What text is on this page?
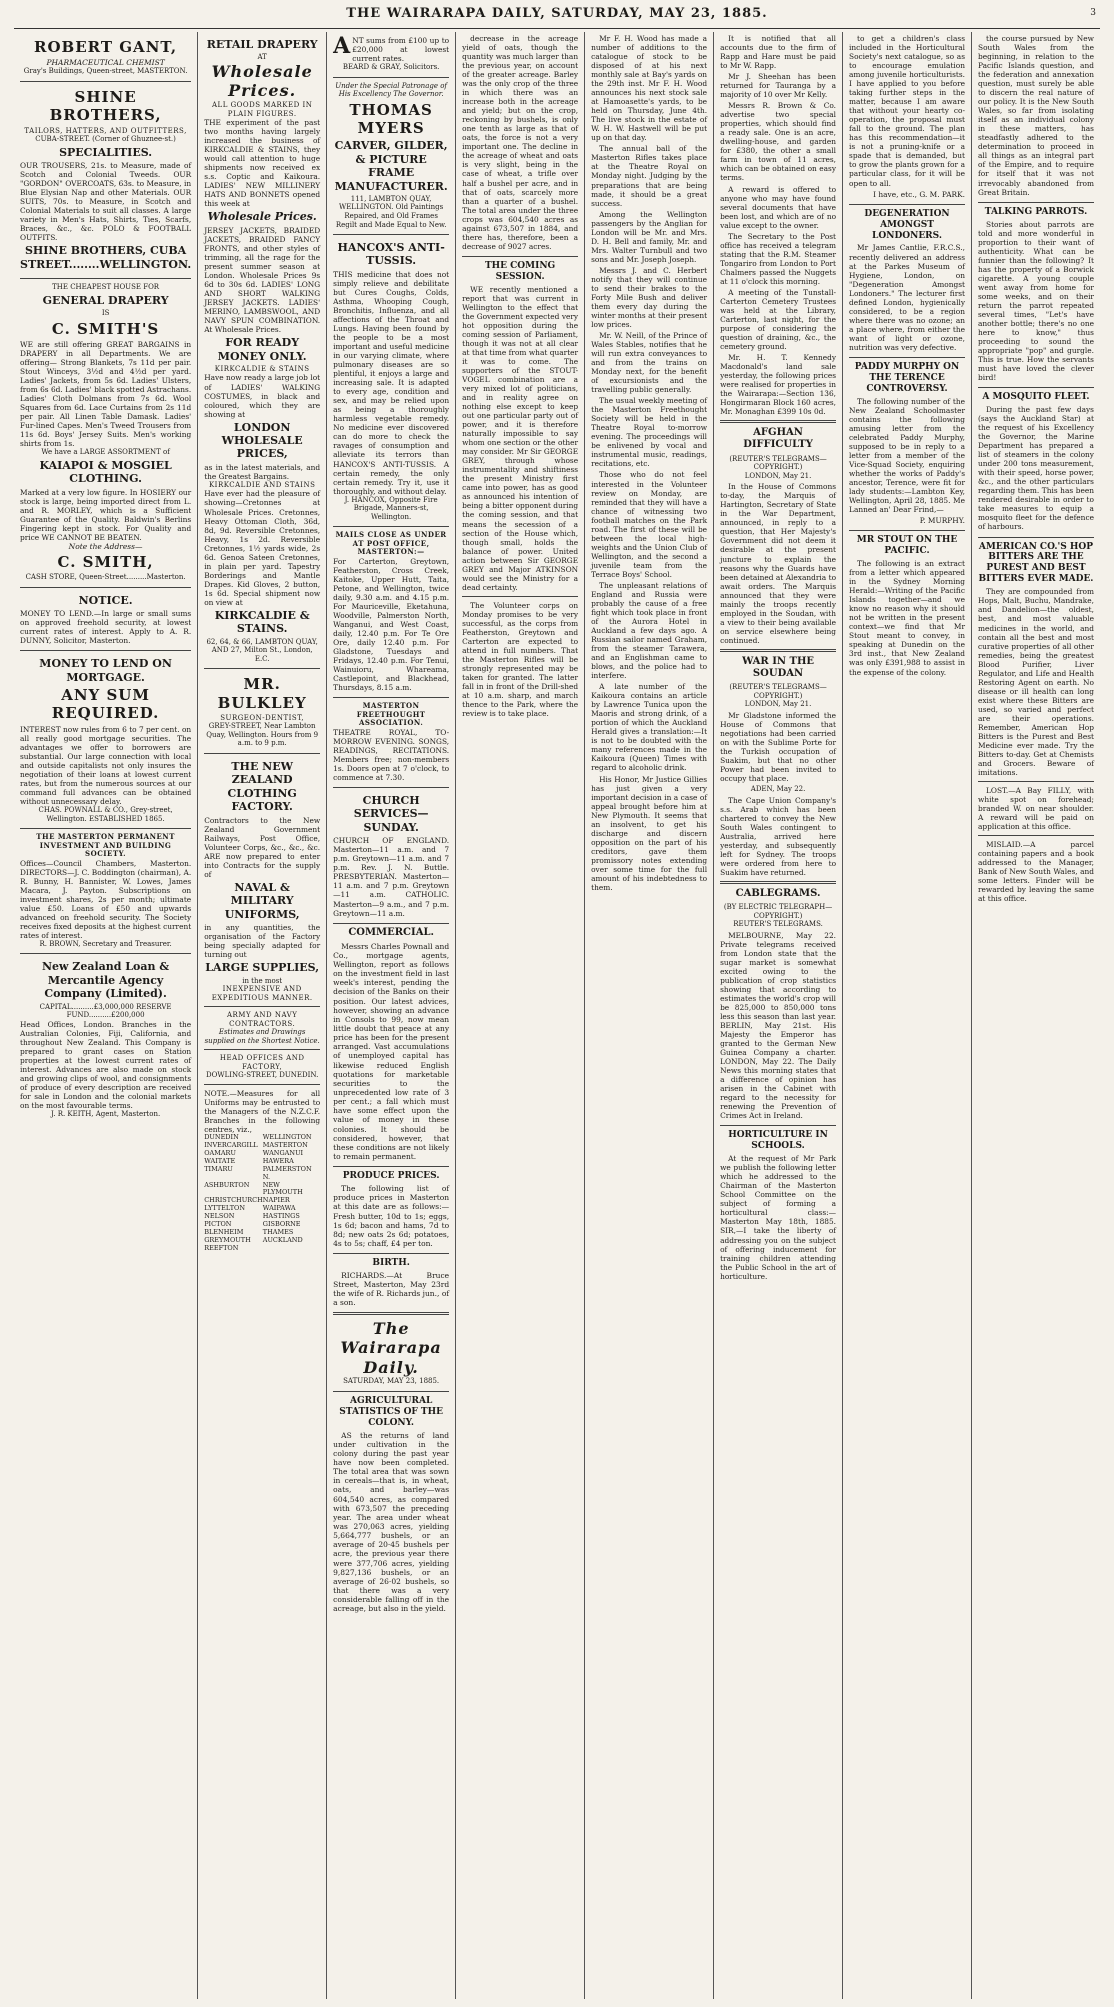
THE WAIRARAPA DAILY, SATURDAY, MAY 23, 1885.	3
ROBERT GANT,
PHARMACEUTICAL CHEMIST
Gray's Buildings, Queen-street, MASTERTON.
SHINE BROTHERS,
TAILORS, HATTERS, AND OUTFITTERS,
CUBA-STREET. (Corner of Ghuznee-st.)
SPECIALITIES.
OUR TROUSERS, 21s. to Measure, made of Scotch and Colonial Tweeds. OUR "GORDON" OVERCOATS, 63s. to Measure, in Blue Elysian Nap and other Materials. OUR SUITS, 70s. to Measure, in Scotch and Colonial Materials to suit all classes. A large variety in Men's Hats, Shirts, Ties, Scarfs, Braces, &c., &c. POLO & FOOTBALL OUTFITS.
SHINE BROTHERS, CUBA STREET........WELLINGTON.
THE CHEAPEST HOUSE FOR
GENERAL DRAPERY
IS
C. SMITH'S
WE are still offering GREAT BARGAINS in DRAPERY in all Departments. We are offering— Strong Blankets, 7s 11d per pair. Stout Winceys, 3½d and 4½d per yard. Ladies' Jackets, from 5s 6d. Ladies' Ulsters, from 6s 6d. Ladies' black spotted Astrachans. Ladies' Cloth Dolmans from 7s 6d. Wool Squares from 6d. Lace Curtains from 2s 11d per pair. All Linen Table Damask. Ladies' Fur-lined Capes. Men's Tweed Trousers from 11s 6d. Boys' Jersey Suits. Men's working shirts from 1s.
We have a LARGE ASSORTMENT of
KAIAPOI & MOSGIEL CLOTHING.
Marked at a very low figure. In HOSIERY our stock is large, being imported direct from L. and R. MORLEY, which is a Sufficient Guarantee of the Quality. Baldwin's Berlins Fingering kept in stock. For Quality and price WE CANNOT BE BEATEN.
Note the Address—
C. SMITH,
CASH STORE, Queen-Street.........Masterton.
NOTICE.
MONEY TO LEND.—In large or small sums on approved freehold security, at lowest current rates of interest. Apply to A. R. DUNNY, Solicitor, Masterton.
MONEY TO LEND ON MORTGAGE.
ANY SUM REQUIRED.
INTEREST now rules from 6 to 7 per cent. on all really good mortgage securities. The advantages we offer to borrowers are substantial. Our large connection with local and outside capitalists not only insures the negotiation of their loans at lowest current rates, but from the numerous sources at our command full advances can be obtained without unnecessary delay.
CHAS. POWNALL & CO., Grey-street, Wellington. ESTABLISHED 1865.
THE MASTERTON PERMANENT INVESTMENT AND BUILDING SOCIETY.
Offices—Council Chambers, Masterton. DIRECTORS—J. C. Boddington (chairman), A. R. Bunny, H. Bannister, W. Lowes, James Macara, J. Payton. Subscriptions on investment shares, 2s per month; ultimate value £50. Loans of £50 and upwards advanced on freehold security. The Society receives fixed deposits at the highest current rates of interest.
R. BROWN, Secretary and Treasurer.
New Zealand Loan & Mercantile Agency Company (Limited).
CAPITAL..........£3,000,000 RESERVE FUND..........£200,000
Head Offices, London. Branches in the Australian Colonies, Fiji, California, and throughout New Zealand. This Company is prepared to grant cases on Station properties at the lowest current rates of interest. Advances are also made on stock and growing clips of wool, and consignments of produce of every description are received for sale in London and the colonial markets on the most favourable terms.
J. R. KEITH, Agent, Masterton.
RETAIL DRAPERY
AT
Wholesale Prices.
ALL GOODS MARKED IN PLAIN FIGURES.
THE experiment of the past two months having largely increased the business of KIRKCALDIE & STAINS, they would call attention to huge shipments now received ex s.s. Coptic and Kaikoura. LADIES' NEW MILLINERY HATS AND BONNETS opened this week at
Wholesale Prices.
JERSEY JACKETS, BRAIDED JACKETS, BRAIDED FANCY FRONTS, and other styles of trimming, all the rage for the present summer season at London. Wholesale Prices 9s 6d to 30s 6d. LADIES' LONG AND SHORT WALKING JERSEY JACKETS. LADIES' MERINO, LAMBSWOOL, AND NAVY SPUN COMBINATION. At Wholesale Prices.
FOR READY MONEY ONLY.
KIRKCALDIE & STAINS
Have now ready a large job lot of LADIES' WALKING COSTUMES, in black and coloured, which they are showing at
LONDON WHOLESALE PRICES,
as in the latest materials, and the Greatest Bargains.
KIRKCALDIE AND STAINS
Have ever had the pleasure of showing—Cretonnes at Wholesale Prices. Cretonnes, Heavy Ottoman Cloth, 36d, 8d, 9d. Reversible Cretonnes, Heavy, 1s 2d. Reversible Cretonnes, 1½ yards wide, 2s 6d. Genoa Sateen Cretonnes, in plain per yard. Tapestry Borderings and Mantle Drapes. Kid Gloves, 2 button, 1s 6d. Special shipment now on view at
KIRKCALDIE & STAINS.
62, 64, & 66, LAMBTON QUAY, AND 27, Milton St., London, E.C.
MR. BULKLEY
SURGEON-DENTIST,
GREY-STREET, Near Lambton Quay, Wellington. Hours from 9 a.m. to 9 p.m.
THE NEW ZEALAND CLOTHING FACTORY.
Contractors to the New Zealand Government Railways, Post Office, Volunteer Corps, &c., &c., &c. ARE now prepared to enter into Contracts for the supply of
NAVAL & MILITARY UNIFORMS,
in any quantities, the organisation of the Factory being specially adapted for turning out
LARGE SUPPLIES,
in the most
INEXPENSIVE AND EXPEDITIOUS MANNER.
ARMY AND NAVY CONTRACTORS.
Estimates and Drawings supplied on the Shortest Notice.
HEAD OFFICES AND FACTORY,
DOWLING-STREET, DUNEDIN.
NOTE.—Measures for all Uniforms may be entrusted to the Managers of the N.Z.C.F. Branches in the following centres, viz.,
DUNEDIN	WELLINGTON
INVERCARGILL MASTERTON
OAMARU	WANGANUI
WAITATE	HAWERA
TIMARU	PALMERSTON N.
ASHBURTON	NEW PLYMOUTH
CHRISTCHURCH NAPIER
LYTTELTON	WAIPAWA
NELSON	HASTINGS
PICTON	GISBORNE
BLENHEIM	THAMES
GREYMOUTH	AUCKLAND
REEFTON
ANT sums from £100 up to £20,000 at lowest current rates.
BEARD & GRAY, Solicitors.
Under the Special Patronage of His Excellency The Governor.
THOMAS MYERS
CARVER, GILDER, & PICTURE FRAME MANUFACTURER.
111, LAMBTON QUAY, WELLINGTON. Old Paintings Repaired, and Old Frames Regilt and Made Equal to New.
HANCOX'S ANTI-TUSSIS.
THIS medicine that does not simply relieve and debilitate but Cures Coughs, Colds, Asthma, Whooping Cough, Bronchitis, Influenza, and all affections of the Throat and Lungs. Having been found by the people to be a most important and useful medicine in our varying climate, where pulmonary diseases are so plentiful, it enjoys a large and increasing sale. It is adapted to every age, condition and sex, and may be relied upon as being a thoroughly harmless vegetable remedy. No medicine ever discovered can do more to check the ravages of consumption and alleviate its terrors than HANCOX'S ANTI-TUSSIS. A certain remedy, the only certain remedy. Try it, use it thoroughly, and without delay.
J. HANCOX, Opposite Fire Brigade, Manners-st, Wellington.
MAILS CLOSE AS UNDER AT POST OFFICE, MASTERTON:—
For Carterton, Greytown, Featherston, Cross Creek, Kaitoke, Upper Hutt, Taita, Petone, and Wellington, twice daily, 9.30 a.m. and 4.15 p.m. For Mauriceville, Eketahuna, Woodville, Palmerston North, Wanganui, and West Coast, daily, 12.40 p.m. For Te Ore Ore, daily 12.40 p.m. For Gladstone, Tuesdays and Fridays, 12.40 p.m. For Tenui, Wainuioru, Whareama, Castlepoint, and Blackhead, Thursdays, 8.15 a.m.
MASTERTON FREETHOUGHT ASSOCIATION.
THEATRE ROYAL, TO-MORROW EVENING. SONGS, READINGS, RECITATIONS. Members free; non-members 1s. Doors open at 7 o'clock, to commence at 7.30.
CHURCH SERVICES—SUNDAY.
CHURCH OF ENGLAND. Masterton—11 a.m. and 7 p.m. Greytown—11 a.m. and 7 p.m. Rev. J. N. Buttle. PRESBYTERIAN. Masterton—11 a.m. and 7 p.m. Greytown—11 a.m. CATHOLIC. Masterton—9 a.m., and 7 p.m. Greytown—11 a.m.
COMMERCIAL.
Messrs Charles Pownall and Co., mortgage agents, Wellington, report as follows on the investment field in last week's interest, pending the decision of the Banks on their position. Our latest advices, however, showing an advance in Consols to 99, now mean little doubt that peace at any price has been for the present arranged. Vast accumulations of unemployed capital has likewise reduced English quotations for marketable securities to the unprecedented low rate of 3 per cent.; a fall which must have some effect upon the value of money in these colonies. It should be considered, however, that these conditions are not likely to remain permanent.
PRODUCE PRICES.
The following list of produce prices in Masterton at this date are as follows:—Fresh butter, 10d to 1s; eggs, 1s 6d; bacon and hams, 7d to 8d; new oats 2s 6d; potatoes, 4s to 5s; chaff, £4 per ton.
BIRTH.
RICHARDS.—At Bruce Street, Masterton, May 23rd the wife of R. Richards jun., of a son.
The Wairarapa Daily.
SATURDAY, MAY 23, 1885.
AGRICULTURAL STATISTICS OF THE COLONY.
AS the returns of land under cultivation in the colony during the past year have now been completed. The total area that was sown in cereals—that is, in wheat, oats, and barley—was 604,540 acres, as compared with 673,507 the preceding year. The area under wheat was 270,063 acres, yielding 5,664,777 bushels, or an average of 20·45 bushels per acre, the previous year there were 377,706 acres, yielding 9,827,136 bushels, or an average of 26·02 bushels, so that there was a very considerable falling off in the acreage, but also in the yield.
decrease in the acreage yield of oats, though the quantity was much larger than the previous year, on account of the greater acreage. Barley was the only crop of the three in which there was an increase both in the acreage and yield; but on the crop, reckoning by bushels, is only one tenth as large as that of oats, the force is not a very important one. The decline in the acreage of wheat and oats is very slight, being in the case of wheat, a trifle over half a bushel per acre, and in that of oats, scarcely more than a quarter of a bushel. The total area under the three crops was 604,540 acres as against 673,507 in 1884, and there has, therefore, been a decrease of 9027 acres.
THE COMING SESSION.
WE recently mentioned a report that was current in Wellington to the effect that the Government expected very hot opposition during the coming session of Parliament, though it was not at all clear at that time from what quarter it was to come. The supporters of the STOUT-VOGEL combination are a very mixed lot of politicians, and in reality agree on nothing else except to keep out one particular party out of power, and it is therefore naturally impossible to say whom one section or the other may consider. Mr Sir GEORGE GREY, through whose instrumentality and shiftiness the present Ministry first came into power, has as good as announced his intention of being a bitter opponent during the coming session, and that means the secession of a section of the House which, though small, holds the balance of power. United action between Sir GEORGE GREY and Major ATKINSON would see the Ministry for a dead certainty.
The Volunteer corps on Monday promises to be very successful, as the corps from Featherston, Greytown and Carterton are expected to attend in full numbers. That the Masterton Rifles will be strongly represented may be taken for granted. The latter fall in in front of the Drill-shed at 10 a.m. sharp, and march thence to the Park, where the review is to take place.
Mr F. H. Wood has made a number of additions to the catalogue of stock to be disposed of at his next monthly sale at Bay's yards on the 29th inst. Mr F. H. Wood announces his next stock sale at Hamoasette's yards, to be held on Thursday, June 4th. The live stock in the estate of W. H. W. Hastwell will be put up on that day.
The annual ball of the Masterton Rifles takes place at the Theatre Royal on Monday night. Judging by the preparations that are being made, it should be a great success.
Among the Wellington passengers by the Anglian for London will be Mr. and Mrs. D. H. Bell and family, Mr. and Mrs. Walter Turnbull and two sons and Mr. Joseph Joseph.
Messrs J. and C. Herbert notify that they will continue to send their brakes to the Forty Mile Bush and deliver them every day during the winter months at their present low prices.
Mr. W. Neill, of the Prince of Wales Stables, notifies that he will run extra conveyances to and from the trains on Monday next, for the benefit of excursionists and the travelling public generally.
The usual weekly meeting of the Masterton Freethought Society will be held in the Theatre Royal to-morrow evening. The proceedings will be enlivened by vocal and instrumental music, readings, recitations, etc.
Those who do not feel interested in the Volunteer review on Monday, are reminded that they will have a chance of witnessing two football matches on the Park road. The first of these will be between the local high-weights and the Union Club of Wellington, and the second a juvenile team from the Terrace Boys' School.
The unpleasant relations of England and Russia were probably the cause of a free fight which took place in front of the Aurora Hotel in Auckland a few days ago. A Russian sailor named Graham, from the steamer Tarawera, and an Englishman came to blows, and the police had to interfere.
A late number of the Kaikoura contains an article by Lawrence Tunica upon the Maoris and strong drink, of a portion of which the Auckland Herald gives a translation:—It is not to be doubted with the many references made in the Kaikoura (Queen) Times with regard to alcoholic drink.
His Honor, Mr Justice Gillies has just given a very important decision in a case of appeal brought before him at New Plymouth. It seems that an insolvent, to get his discharge and discern opposition on the part of his creditors, gave them promissory notes extending over some time for the full amount of his indebtedness to them.
It is notified that all accounts due to the firm of Rapp and Hare must be paid to Mr W. Rapp.
Mr J. Sheehan has been returned for Tauranga by a majority of 10 over Mr Kelly.
Messrs R. Brown & Co. advertise two special properties, which should find a ready sale. One is an acre, dwelling-house, and garden for £380, the other a small farm in town of 11 acres, which can be obtained on easy terms.
A reward is offered to anyone who may have found several documents that have been lost, and which are of no value except to the owner.
The Secretary to the Post office has received a telegram stating that the R.M. Steamer Tongariro from London to Port Chalmers passed the Nuggets at 11 o'clock this morning.
A meeting of the Tunstall-Carterton Cemetery Trustees was held at the Library, Carterton, last night, for the purpose of considering the question of draining, &c., the cemetery ground.
Mr. H. T. Kennedy Macdonald's land sale yesterday, the following prices were realised for properties in the Wairarapa:—Section 136, Hongirmaran Block 160 acres, Mr. Monaghan £399 10s 0d.
AFGHAN DIFFICULTY
(REUTER'S TELEGRAMS—COPYRIGHT.)
LONDON, May 21.
In the House of Commons to-day, the Marquis of Hartington, Secretary of State in the War Department, announced, in reply to a question, that Her Majesty's Government did not deem it desirable at the present juncture to explain the reasons why the Guards have been detained at Alexandria to await orders. The Marquis announced that they were mainly the troops recently employed in the Soudan, with a view to their being available on service elsewhere being continued.
WAR IN THE SOUDAN
(REUTER'S TELEGRAMS—COPYRIGHT.)
LONDON, May 21.
Mr Gladstone informed the House of Commons that negotiations had been carried on with the Sublime Porte for the Turkish occupation of Suakim, but that no other Power had been invited to occupy that place.
ADEN, May 22.
The Cape Union Company's s.s. Arab which has been chartered to convey the New South Wales contingent to Australia, arrived here yesterday, and subsequently left for Sydney. The troops were ordered from here to Suakim have returned.
CABLEGRAMS.
(BY ELECTRIC TELEGRAPH—COPYRIGHT.)
REUTER'S TELEGRAMS.
MELBOURNE, May 22. Private telegrams received from London state that the sugar market is somewhat excited owing to the publication of crop statistics showing that according to estimates the world's crop will be 825,000 to 850,000 tons less this season than last year. BERLIN, May 21st. His Majesty the Emperor has granted to the German New Guinea Company a charter. LONDON, May 22. The Daily News this morning states that a difference of opinion has arisen in the Cabinet with regard to the necessity for renewing the Prevention of Crimes Act in Ireland.
HORTICULTURE IN SCHOOLS.
At the request of Mr Park we publish the following letter which he addressed to the Chairman of the Masterton School Committee on the subject of forming a horticultural class:—Masterton May 18th, 1885. SIR,—I take the liberty of addressing you on the subject of offering inducement for training children attending the Public School in the art of horticulture.
to get a children's class included in the Horticultural Society's next catalogue, so as to encourage emulation among juvenile horticulturists. I have applied to you before taking further steps in the matter, because I am aware that without your hearty co-operation, the proposal must fall to the ground. The plan has this recommendation—it is not a pruning-knife or a spade that is demanded, but to grow the plants grown for a particular class, for it will be open to all.
I have, etc., G. M. PARK.
DEGENERATION AMONGST LONDONERS.
Mr James Cantlie, F.R.C.S., recently delivered an address at the Parkes Museum of Hygiene, London, on "Degeneration Amongst Londoners." The lecturer first defined London, hygienically considered, to be a region where there was no ozone; an a place where, from either the want of light or ozone, nutrition was very defective.
PADDY MURPHY ON THE TERENCE CONTROVERSY.
The following number of the New Zealand Schoolmaster contains the following amusing letter from the celebrated Paddy Murphy, supposed to be in reply to a letter from a member of the Vice-Squad Society, enquiring whether the works of Paddy's ancestor, Terence, were fit for lady students:—Lambton Key, Wellington, April 28, 1885. Me Lanned an' Dear Frind,—
P. MURPHY.
MR STOUT ON THE PACIFIC.
The following is an extract from a letter which appeared in the Sydney Morning Herald:—Writing of the Pacific Islands together—and we know no reason why it should not be written in the present context—we find that Mr Stout meant to convey, in speaking at Dunedin on the 3rd inst., that New Zealand was only £391,988 to assist in the expense of the colony.
the course pursued by New South Wales from the beginning, in relation to the Pacific Islands question, and the federation and annexation question, must surely be able to discern the real nature of our policy. It is the New South Wales, so far from isolating itself as an individual colony in these matters, has steadfastly adhered to the determination to proceed in all things as an integral part of the Empire, and to require for itself that it was not irrevocably abandoned from Great Britain.
TALKING PARROTS.
Stories about parrots are told and more wonderful in proportion to their want of authenticity. What can be funnier than the following? It has the property of a Borwick cigarette. A young couple went away from home for some weeks, and on their return the parrot repeated several times, "Let's have another bottle; there's no one here to know," thus proceeding to sound the appropriate "pop" and gurgle. This is true. How the servants must have loved the clever bird!
A MOSQUITO FLEET.
During the past few days (says the Auckland Star) at the request of his Excellency the Governor, the Marine Department has prepared a list of steamers in the colony under 200 tons measurement, with their speed, horse power, &c., and the other particulars regarding them. This has been rendered desirable in order to take measures to equip a mosquito fleet for the defence of harbours.
AMERICAN CO.'S HOP BITTERS ARE THE PUREST AND BEST BITTERS EVER MADE.
They are compounded from Hops, Malt, Buchu, Mandrake, and Dandelion—the oldest, best, and most valuable medicines in the world, and contain all the best and most curative properties of all other remedies, being the greatest Blood Purifier, Liver Regulator, and Life and Health Restoring Agent on earth. No disease or ill health can long exist where these Bitters are used, so varied and perfect are their operations. Remember, American Hop Bitters is the Purest and Best Medicine ever made. Try the Bitters to-day. Get at Chemists and Grocers. Beware of imitations.
LOST.—A Bay FILLY, with white spot on forehead; branded W. on near shoulder. A reward will be paid on application at this office.
MISLAID.—A parcel containing papers and a book addressed to the Manager, Bank of New South Wales, and some letters. Finder will be rewarded by leaving the same at this office.
